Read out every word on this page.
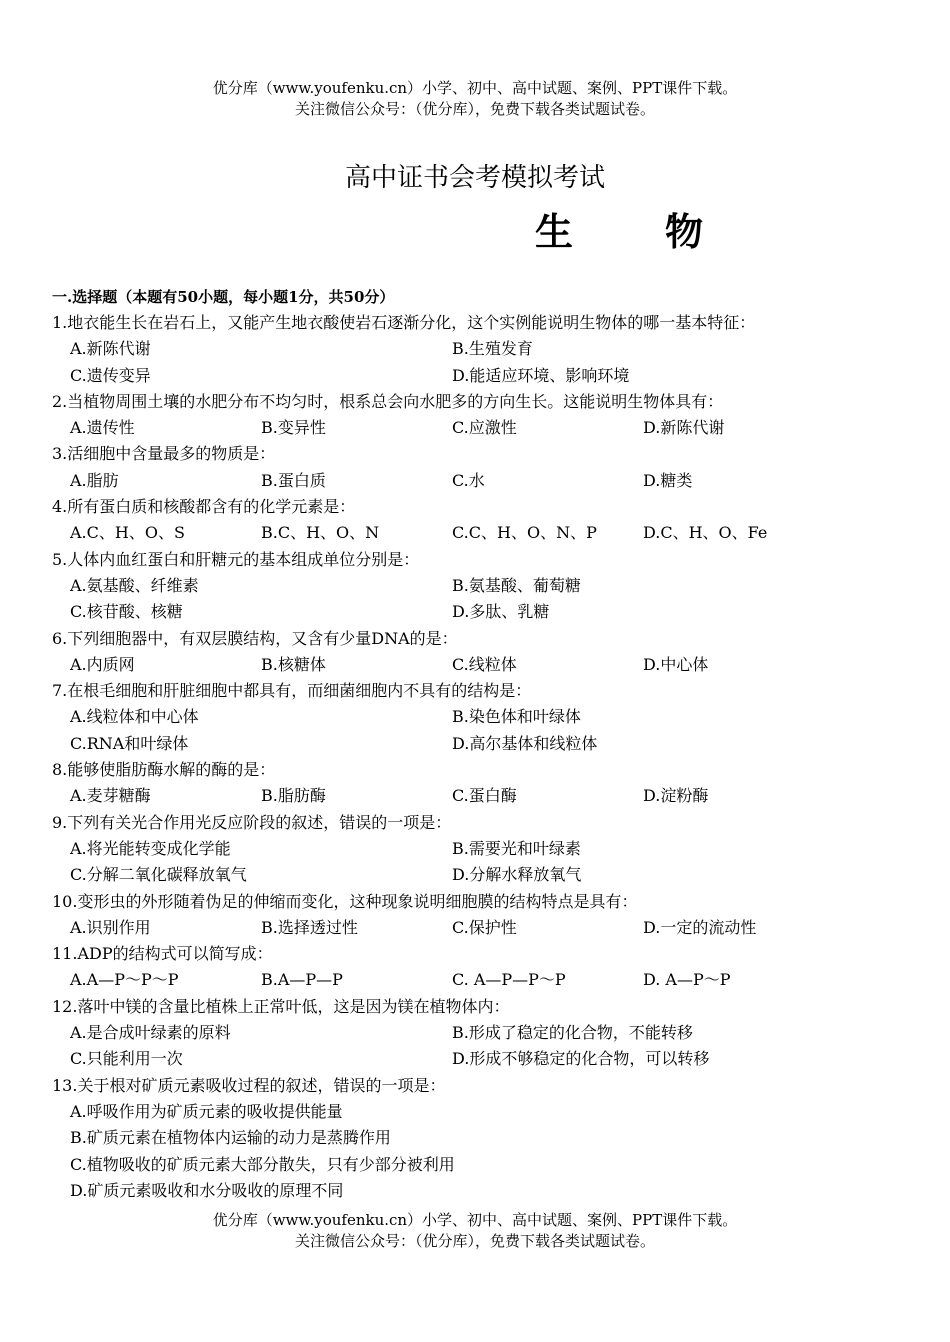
优分库（www.youfenku.cn）小学、初中、高中试题、案例、PPT课件下载。
关注微信公众号：（优分库），免费下载各类试题试卷。
高中证书会考模拟考试
生 物
一.选择题（本题有50小题，每小题1分，共50分）
1.地衣能生长在岩石上，又能产生地衣酸使岩石逐渐分化，这个实例能说明生物体的哪一基本特征：
A.新陈代谢	B.生殖发育
C.遗传变异	D.能适应环境、影响环境
2.当植物周围土壤的水肥分布不均匀时，根系总会向水肥多的方向生长。这能说明生物体具有：
A.遗传性	B.变异性	C.应激性	D.新陈代谢
3.活细胞中含量最多的物质是：
A.脂肪	B.蛋白质	C.水	D.糖类
4.所有蛋白质和核酸都含有的化学元素是：
A.C、H、O、S	B.C、H、O、N	C.C、H、O、N、P	D.C、H、O、Fe
5.人体内血红蛋白和肝糖元的基本组成单位分别是：
A.氨基酸、纤维素	B.氨基酸、葡萄糖
C.核苷酸、核糖	D.多肽、乳糖
6.下列细胞器中，有双层膜结构，又含有少量DNA的是：
A.内质网	B.核糖体	C.线粒体	D.中心体
7.在根毛细胞和肝脏细胞中都具有，而细菌细胞内不具有的结构是：
A.线粒体和中心体	B.染色体和叶绿体
C.RNA和叶绿体	D.高尔基体和线粒体
8.能够使脂肪酶水解的酶的是：
A.麦芽糖酶	B.脂肪酶	C.蛋白酶	D.淀粉酶
9.下列有关光合作用光反应阶段的叙述，错误的一项是：
A.将光能转变成化学能	B.需要光和叶绿素
C.分解二氧化碳释放氧气	D.分解水释放氧气
10.变形虫的外形随着伪足的伸缩而变化，这种现象说明细胞膜的结构特点是具有：
A.识别作用	B.选择透过性	C.保护性	D.一定的流动性
11.ADP的结构式可以简写成：
A.A—P～P～P	B.A—P—P	C. A—P—P～P	D. A—P～P
12.落叶中镁的含量比植株上正常叶低，这是因为镁在植物体内：
A.是合成叶绿素的原料	B.形成了稳定的化合物，不能转移
C.只能利用一次	D.形成不够稳定的化合物，可以转移
13.关于根对矿质元素吸收过程的叙述，错误的一项是：
A.呼吸作用为矿质元素的吸收提供能量
B.矿质元素在植物体内运输的动力是蒸腾作用
C.植物吸收的矿质元素大部分散失，只有少部分被利用
D.矿质元素吸收和水分吸收的原理不同
优分库（www.youfenku.cn）小学、初中、高中试题、案例、PPT课件下载。
关注微信公众号：（优分库），免费下载各类试题试卷。
